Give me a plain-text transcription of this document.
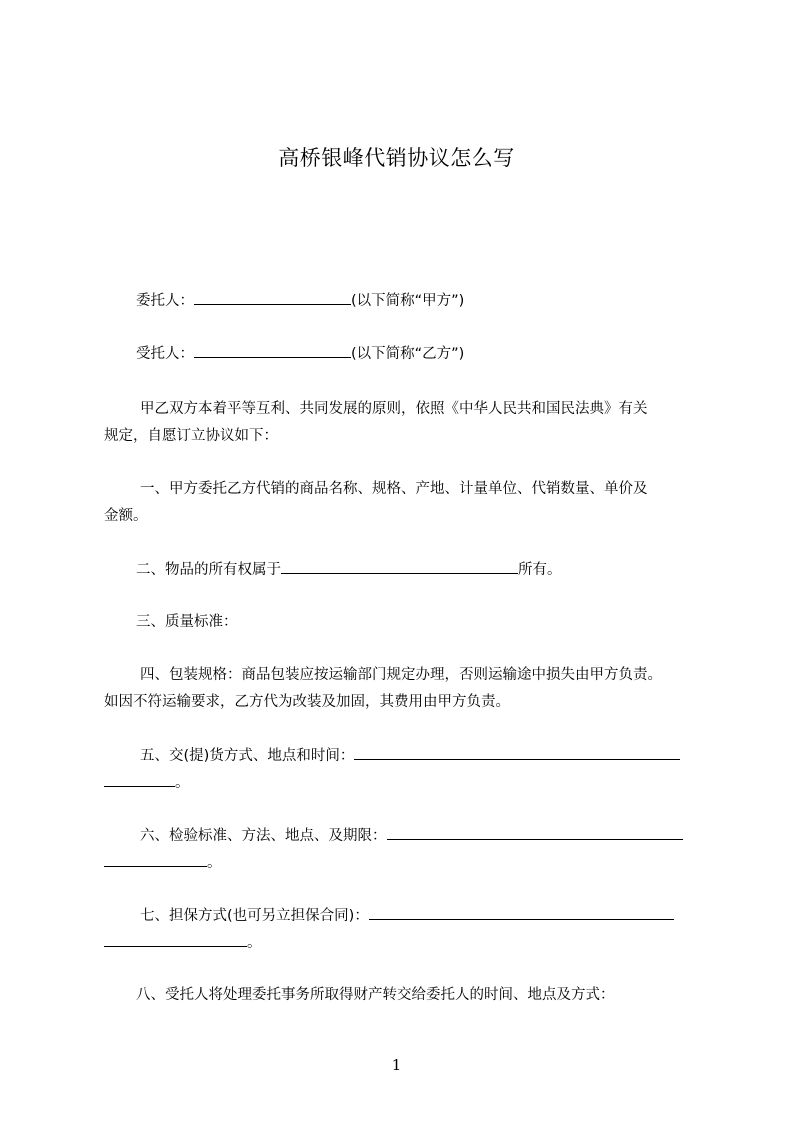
高桥银峰代销协议怎么写
委托人：	(以下简称“甲方”)
受托人：	(以下简称“乙方”)
甲乙双方本着平等互利、共同发展的原则，依照《中华人民共和国民法典》有关
规定，自愿订立协议如下：
一、甲方委托乙方代销的商品名称、规格、产地、计量单位、代销数量、单价及
金额。
二、物品的所有权属于	所有。
三、质量标准：
四、包装规格：商品包装应按运输部门规定办理，否则运输途中损失由甲方负责。
如因不符运输要求，乙方代为改装及加固，其费用由甲方负责。
五、交(提)货方式、地点和时间：
。
六、检验标准、方法、地点、及期限：
。
七、担保方式(也可另立担保合同)：
。
八、受托人将处理委托事务所取得财产转交给委托人的时间、地点及方式：
1
